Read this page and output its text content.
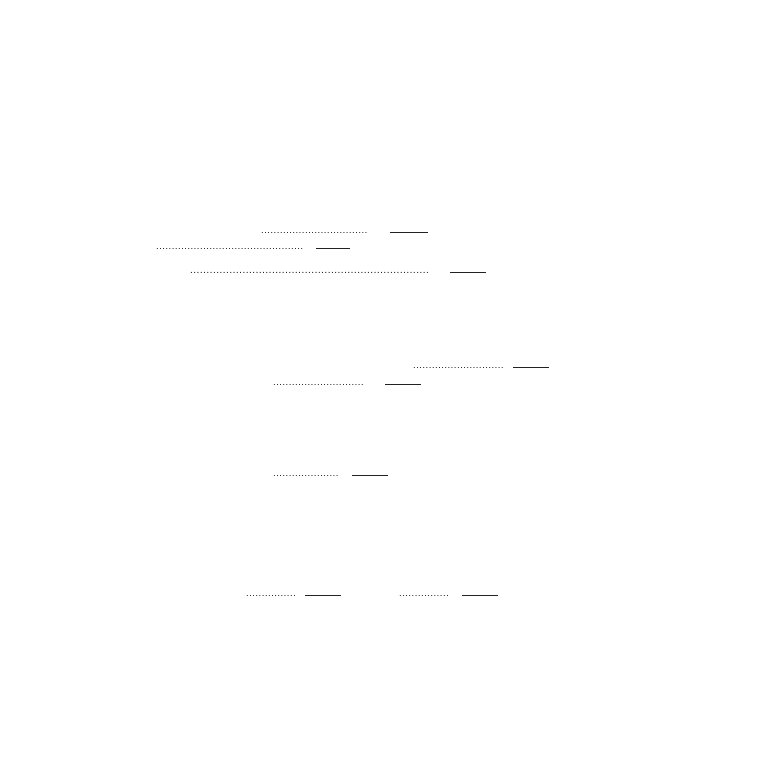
..................................
...............................................
.........................................................................
.............................
.............................
.....................
................	................
